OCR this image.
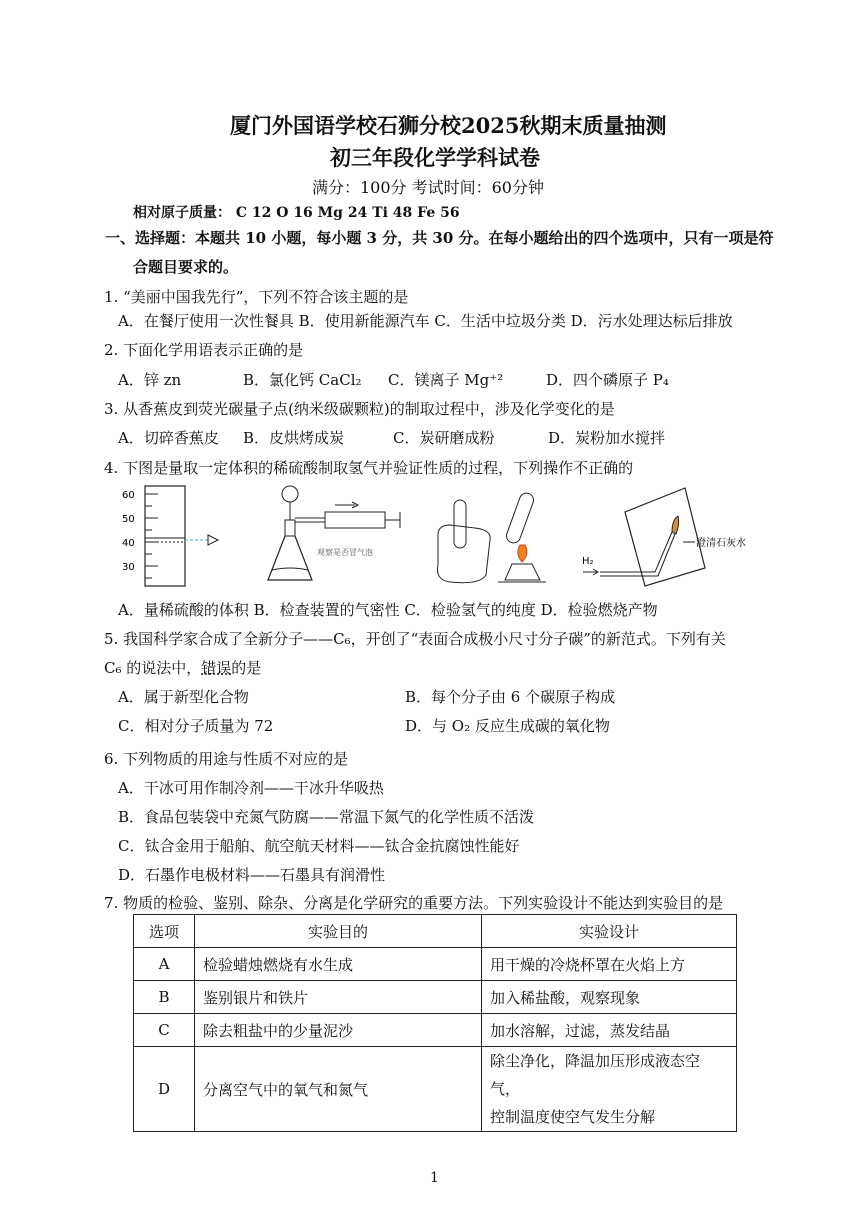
厦门外国语学校石狮分校2025秋期末质量抽测
初三年段化学学科试卷
满分：100分 考试时间：60分钟
相对原子质量： C 12 O 16 Mg 24 Ti 48 Fe 56
一、选择题：本题共 10 小题，每小题 3 分，共 30 分。在每小题给出的四个选项中，只有一项是符
合题目要求的。
1. “美丽中国我先行”，下列不符合该主题的是
A．在餐厅使用一次性餐具 B．使用新能源汽车 C．生活中垃圾分类 D．污水处理达标后排放
2. 下面化学用语表示正确的是
A．锌 zn	B．氯化钙 CaCl₂ C．镁离子 Mg⁺²	D．四个磷原子 P₄
3. 从香蕉皮到荧光碳量子点(纳米级碳颗粒)的制取过程中，涉及化学变化的是
A．切碎香蕉皮 B．皮烘烤成炭	C．炭研磨成粉	D．炭粉加水搅拌
4. 下图是量取一定体积的稀硫酸制取氢气并验证性质的过程，下列操作不正确的
60
50
40
30
观察是否冒气泡
H₂
澄清石灰水
A．量稀硫酸的体积 B．检查装置的气密性 C．检验氢气的纯度 D．检验燃烧产物
5. 我国科学家合成了全新分子——C₆，开创了“表面合成极小尺寸分子碳”的新范式。下列有关
C₆ 的说法中，错误的是
A．属于新型化合物	B．每个分子由 6 个碳原子构成
C．相对分子质量为 72	D．与 O₂ 反应生成碳的氧化物
6. 下列物质的用途与性质不对应的是
A．干冰可用作制冷剂——干冰升华吸热
B．食品包装袋中充氮气防腐——常温下氮气的化学性质不活泼
C．钛合金用于船舶、航空航天材料——钛合金抗腐蚀性能好
D．石墨作电极材料——石墨具有润滑性
7. 物质的检验、鉴别、除杂、分离是化学研究的重要方法。下列实验设计不能达到实验目的是
选项	实验目的	实验设计
A	检验蜡烛燃烧有水生成	用干燥的冷烧杯罩在火焰上方
B	鉴别银片和铁片	加入稀盐酸，观察现象
C	除去粗盐中的少量泥沙	加水溶解，过滤，蒸发结晶
D	分离空气中的氧气和氮气	除尘净化，降温加压形成液态空气，
控制温度使空气发生分解
1
